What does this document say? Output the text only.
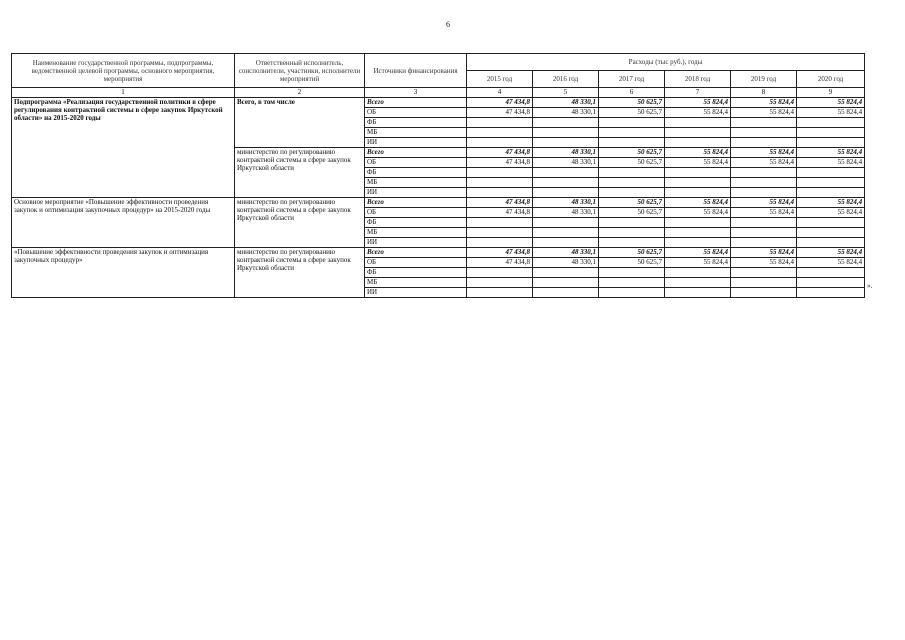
6
Наименование государственной программы, подпрограммы, ведомственной целевой программы, основного мероприятия, мероприятия	Ответственный исполнитель, соисполнители, участники, исполнители мероприятий	Источники финансирования	Расходы (тыс руб.), годы					
			2015 год	2016 год	2017 год	2018 год	2019 год	2020 год
1	2	3	4	5	6	7	8	9
Подпрограмма «Реализация государственной политики в сфере регулирования контрактной системы в сфере закупок Иркутской области» на 2015-2020 годы	Всего, в том числе	Всего	47 434,8	48 330,1	50 625,7	55 824,4	55 824,4	55 824,4
		ОБ	47 434,8	48 330,1	50 625,7	55 824,4	55 824,4	55 824,4
		ФБ						
		МБ						
		ИИ						
	министерство по регулированию контрактной системы в сфере закупок Иркутской области	Всего	47 434,8	48 330,1	50 625,7	55 824,4	55 824,4	55 824,4
		ОБ	47 434,8	48 330,1	50 625,7	55 824,4	55 824,4	55 824,4
		ФБ						
		МБ						
		ИИ						
Основное мероприятие «Повышение эффективности проведения закупок и оптимизация закупочных процедур» на 2015-2020 годы	министерство по регулированию контрактной системы в сфере закупок Иркутской области	Всего	47 434,8	48 330,1	50 625,7	55 824,4	55 824,4	55 824,4
		ОБ	47 434,8	48 330,1	50 625,7	55 824,4	55 824,4	55 824,4
		ФБ						
		МБ						
		ИИ						
«Повышение эффективности проведения закупок и оптимизация закупочных процедур»	министерство по регулированию контрактной системы в сфере закупок Иркутской области	Всего	47 434,8	48 330,1	50 625,7	55 824,4	55 824,4	55 824,4
		ОБ	47 434,8	48 330,1	50 625,7	55 824,4	55 824,4	55 824,4
		ФБ						
		МБ						
		ИИ						
».
